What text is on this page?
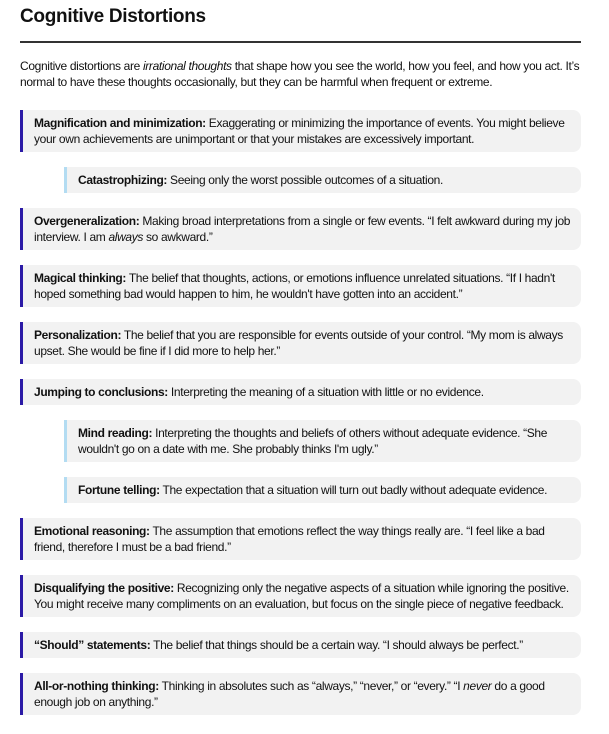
Cognitive Distortions

Cognitive distortions are irrational thoughts that shape how you see the world, how you feel, and how you act. It’s normal to have these thoughts occasionally, but they can be harmful when frequent or extreme.

Magnification and minimization: Exaggerating or minimizing the importance of events. You might believe your own achievements are unimportant or that your mistakes are excessively important.
Catastrophizing: Seeing only the worst possible outcomes of a situation.
Overgeneralization: Making broad interpretations from a single or few events. “I felt awkward during my job interview. I am always so awkward.”
Magical thinking: The belief that thoughts, actions, or emotions influence unrelated situations. “If I hadn't hoped something bad would happen to him, he wouldn't have gotten into an accident.”
Personalization: The belief that you are responsible for events outside of your control. “My mom is always upset. She would be fine if I did more to help her.”
Jumping to conclusions: Interpreting the meaning of a situation with little or no evidence.
Mind reading: Interpreting the thoughts and beliefs of others without adequate evidence. “She wouldn't go on a date with me. She probably thinks I'm ugly.”
Fortune telling: The expectation that a situation will turn out badly without adequate evidence.
Emotional reasoning: The assumption that emotions reflect the way things really are. “I feel like a bad friend, therefore I must be a bad friend.”
Disqualifying the positive: Recognizing only the negative aspects of a situation while ignoring the positive. You might receive many compliments on an evaluation, but focus on the single piece of negative feedback.
“Should” statements: The belief that things should be a certain way. “I should always be perfect.”
All-or-nothing thinking: Thinking in absolutes such as “always,” “never,” or “every.” “I never do a good enough job on anything.”
